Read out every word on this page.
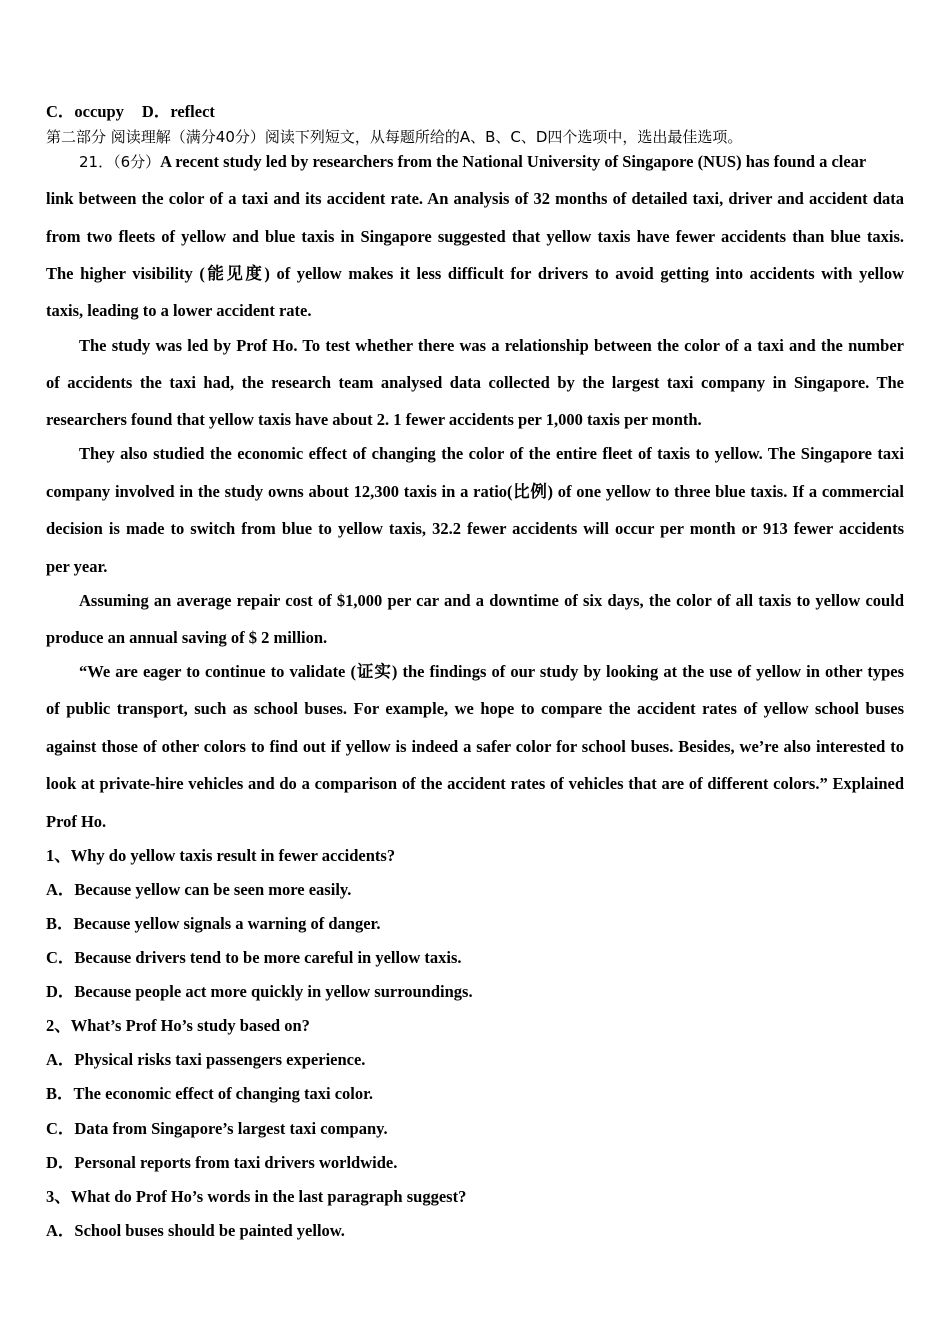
C．occupy D．reflect
第二部分 阅读理解（满分40分）阅读下列短文，从每题所给的A、B、C、D四个选项中，选出最佳选项。
21．（6分）A recent study led by researchers from the National University of Singapore (NUS) has found a clear
link between the color of a taxi and its accident rate. An analysis of 32 months of detailed taxi, driver and accident data
from two fleets of yellow and blue taxis in Singapore suggested that yellow taxis have fewer accidents than blue taxis.
The higher visibility (能见度) of yellow makes it less difficult for drivers to avoid getting into accidents with yellow
taxis, leading to a lower accident rate.
The study was led by Prof Ho. To test whether there was a relationship between the color of a taxi and the number
of accidents the taxi had, the research team analysed data collected by the largest taxi company in Singapore. The
researchers found that yellow taxis have about 2. 1 fewer accidents per 1,000 taxis per month.
They also studied the economic effect of changing the color of the entire fleet of taxis to yellow. The Singapore taxi
company involved in the study owns about 12,300 taxis in a ratio(比例) of one yellow to three blue taxis. If a commercial
decision is made to switch from blue to yellow taxis, 32.2 fewer accidents will occur per month or 913 fewer accidents
per year.
Assuming an average repair cost of $1,000 per car and a downtime of six days, the color of all taxis to yellow could
produce an annual saving of $ 2 million.
“We are eager to continue to validate (证实) the findings of our study by looking at the use of yellow in other types
of public transport, such as school buses. For example, we hope to compare the accident rates of yellow school buses
against those of other colors to find out if yellow is indeed a safer color for school buses. Besides, we’re also interested to
look at private-hire vehicles and do a comparison of the accident rates of vehicles that are of different colors.” Explained
Prof Ho.
1、Why do yellow taxis result in fewer accidents?
A．Because yellow can be seen more easily.
B．Because yellow signals a warning of danger.
C．Because drivers tend to be more careful in yellow taxis.
D．Because people act more quickly in yellow surroundings.
2、What’s Prof Ho’s study based on?
A．Physical risks taxi passengers experience.
B．The economic effect of changing taxi color.
C．Data from Singapore’s largest taxi company.
D．Personal reports from taxi drivers worldwide.
3、What do Prof Ho’s words in the last paragraph suggest?
A．School buses should be painted yellow.
